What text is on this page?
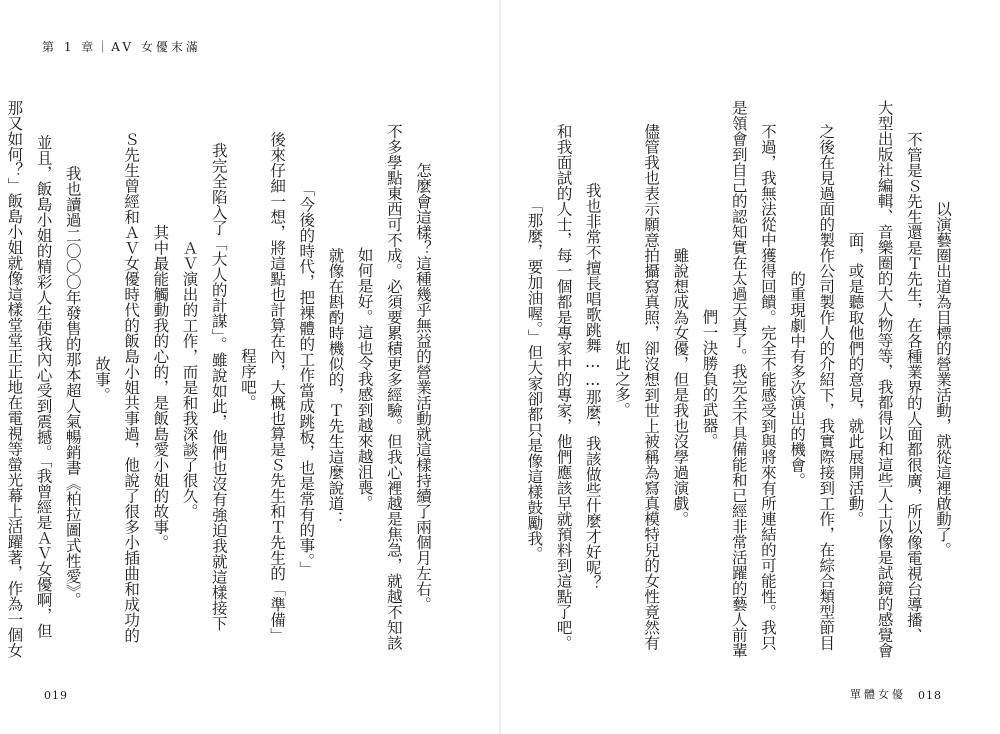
第 1 章｜AV 女優末滿
以演藝圈出道為目標的營業活動，就從這裡啟動了。
　不管是Ｓ先生還是Ｔ先生，在各種業界的人面都很廣，所以像電視台導播、
大型出版社編輯、音樂圈的大人物等等，我都得以和這些人士以像是試鏡的感覺會
面，或是聽取他們的意見，就此展開活動。
　之後在見過面的製作公司製作人的介紹下，我實際接到工作，在綜合類型節目
的重現劇中有多次演出的機會。
　不過，我無法從中獲得回饋。完全不能感受到與將來有所連結的可能性。我只
是領會到自己的認知實在太過天真了。我完全不具備能和已經非常活躍的藝人前輩
們一決勝負的武器。
　雖說想成為女優，但是我也沒學過演戲。
　儘管我也表示願意拍攝寫真照，卻沒想到世上被稱為寫真模特兒的女性竟然有
如此之多。
　我也非常不擅長唱歌跳舞……那麼，我該做些什麼才好呢？
　和我面試的人士，每一個都是專家中的專家，他們應該早就預料到這點了吧。
「那麼，要加油喔。」但大家卻都只是像這樣鼓勵我。
　怎麼會這樣？這種幾乎無益的營業活動就這樣持續了兩個月左右。
　不多學點東西可不成。必須要累積更多經驗。但我心裡越是焦急，就越不知該
如何是好。這也令我感到越來越沮喪。
　就像在斟酌時機似的，Ｔ先生這麼說道：
「今後的時代，把裸體的工作當成跳板，也是常有的事。」
　後來仔細一想，將這點也計算在內，大概也算是Ｓ先生和Ｔ先生的「準備」
程序吧。
　我完全陷入了「大人的計謀」。雖說如此，他們也沒有強迫我就這樣接下
ＡＶ演出的工作，而是和我深談了很久。
　其中最能觸動我的心的，是飯島愛小姐的故事。
　Ｓ先生曾經和ＡＶ女優時代的飯島小姐共事過，他說了很多小插曲和成功的
故事。
　我也讀過二〇〇〇年發售的那本超人氣暢銷書《柏拉圖式性愛》。
　並且，飯島小姐的精彩人生使我內心受到震撼。「我曾經是ＡＶ女優啊，但
那又如何？」飯島小姐就像這樣堂堂正正地在電視等螢光幕上活躍著，作為一個女
019	單體女優 018
